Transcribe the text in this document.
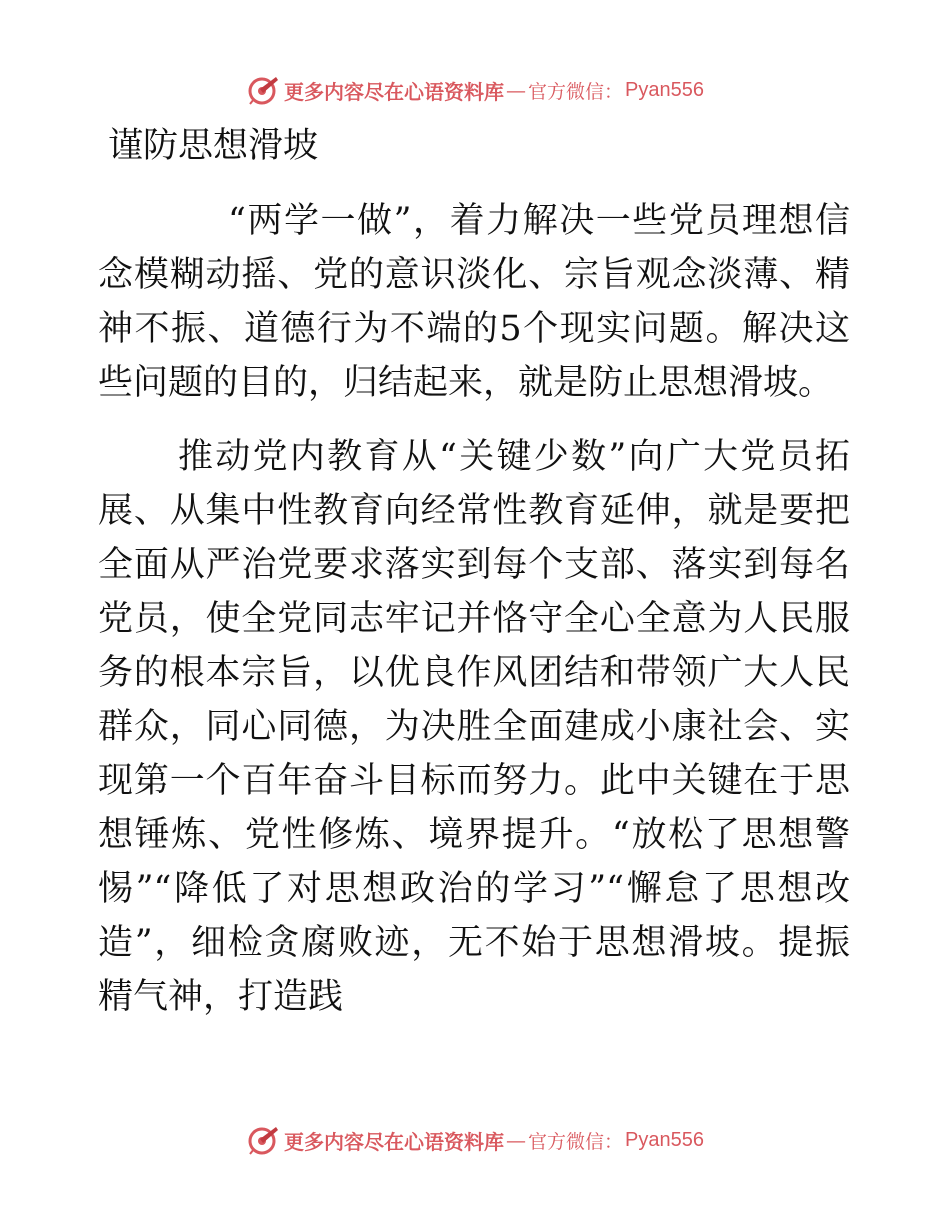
更多内容尽在心语资料库 — 官方微信： Pyan556
谨防思想滑坡

“两学一做”，着力解决一些党员理想信念模糊动摇、党的意识淡化、宗旨观念淡薄、精神不振、道德行为不端的5个现实问题。解决这些问题的目的，归结起来，就是防止思想滑坡。

推动党内教育从“关键少数”向广大党员拓展、从集中性教育向经常性教育延伸，就是要把全面从严治党要求落实到每个支部、落实到每名党员，使全党同志牢记并恪守全心全意为人民服务的根本宗旨，以优良作风团结和带领广大人民群众，同心同德，为决胜全面建成小康社会、实现第一个百年奋斗目标而努力。此中关键在于思想锤炼、党性修炼、境界提升。“放松了思想警惕”“降低了对思想政治的学习”“懈怠了思想改造”，细检贪腐败迹，无不始于思想滑坡。提振精气神，打造践

更多内容尽在心语资料库 — 官方微信： Pyan556
